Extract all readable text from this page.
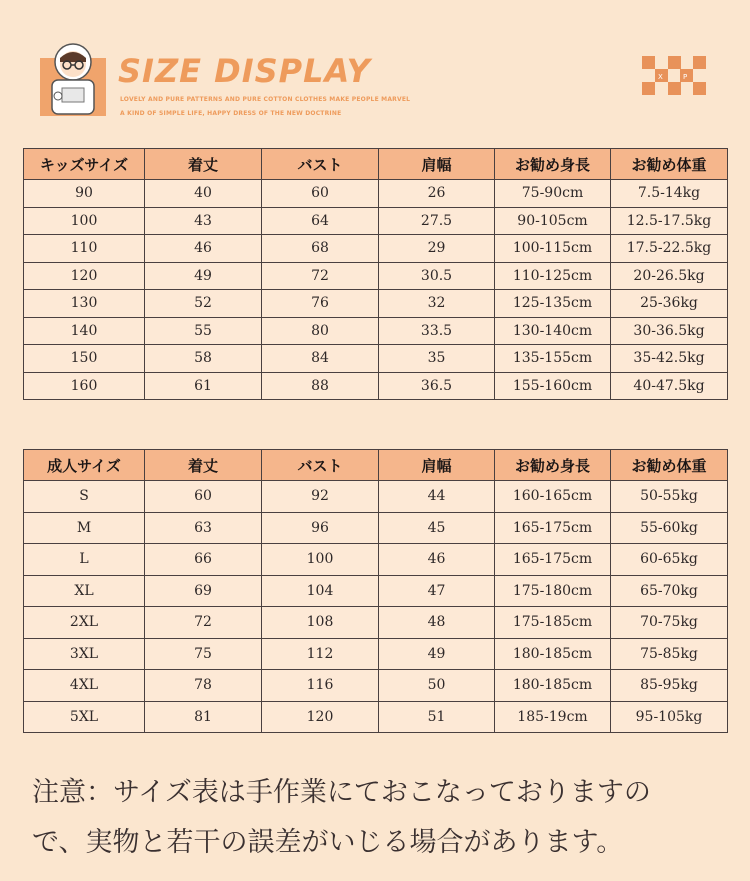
SIZE DISPLAY
LOVELY AND PURE PATTERNS AND PURE COTTON CLOTHES MAKE PEOPLE MARVEL
A KIND OF SIMPLE LIFE, HAPPY DRESS OF THE NEW DOCTRINE
X	P
キッズサイズ	着丈	バスト	肩幅	お勧め身長	お勧め体重
90	40	60	26	75-90cm	7.5-14kg
100	43	64	27.5	90-105cm	12.5-17.5kg
110	46	68	29	100-115cm	17.5-22.5kg
120	49	72	30.5	110-125cm	20-26.5kg
130	52	76	32	125-135cm	25-36kg
140	55	80	33.5	130-140cm	30-36.5kg
150	58	84	35	135-155cm	35-42.5kg
160	61	88	36.5	155-160cm	40-47.5kg
成人サイズ	着丈	バスト	肩幅	お勧め身長	お勧め体重
S	60	92	44	160-165cm	50-55kg
M	63	96	45	165-175cm	55-60kg
L	66	100	46	165-175cm	60-65kg
XL	69	104	47	175-180cm	65-70kg
2XL	72	108	48	175-185cm	70-75kg
3XL	75	112	49	180-185cm	75-85kg
4XL	78	116	50	180-185cm	85-95kg
5XL	81	120	51	185-19cm	95-105kg
注意：サイズ表は手作業にておこなっておりますの
で、実物と若干の誤差がいじる場合があります。
